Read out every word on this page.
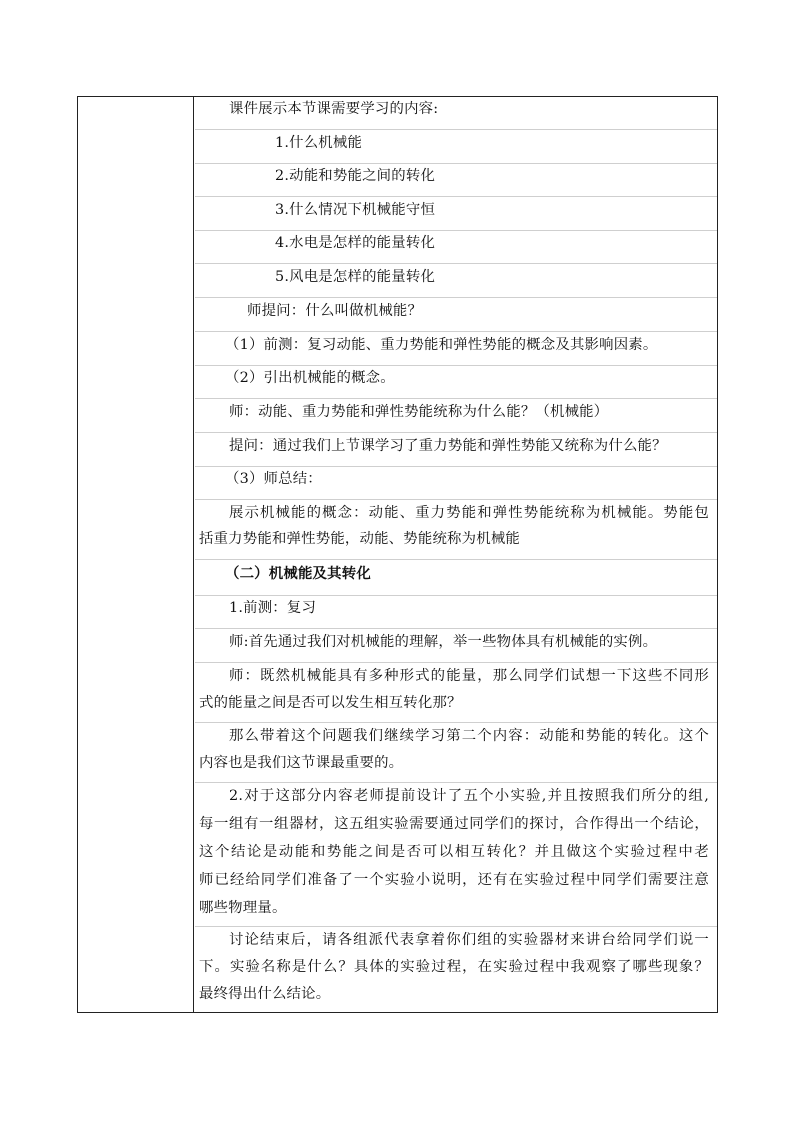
课件展示本节课需要学习的内容:
1.什么机械能
2.动能和势能之间的转化
3.什么情况下机械能守恒
4.水电是怎样的能量转化
5.风电是怎样的能量转化
师提问：什么叫做机械能？
（1）前测：复习动能、重力势能和弹性势能的概念及其影响因素。
（2）引出机械能的概念。
师：动能、重力势能和弹性势能统称为什么能？（机械能）
提问：通过我们上节课学习了重力势能和弹性势能又统称为什么能？
（3）师总结：
展示机械能的概念：动能、重力势能和弹性势能统称为机械能。势能包
括重力势能和弹性势能，动能、势能统称为机械能
（二）机械能及其转化
1.前测：复习
师:首先通过我们对机械能的理解，举一些物体具有机械能的实例。
师：既然机械能具有多种形式的能量，那么同学们试想一下这些不同形
式的能量之间是否可以发生相互转化那？
那么带着这个问题我们继续学习第二个内容：动能和势能的转化。这个
内容也是我们这节课最重要的。
2.对于这部分内容老师提前设计了五个小实验,并且按照我们所分的组,
每一组有一组器材，这五组实验需要通过同学们的探讨，合作得出一个结论，
这个结论是动能和势能之间是否可以相互转化？并且做这个实验过程中老
师已经给同学们准备了一个实验小说明，还有在实验过程中同学们需要注意
哪些物理量。
讨论结束后，请各组派代表拿着你们组的实验器材来讲台给同学们说一
下。实验名称是什么？具体的实验过程，在实验过程中我观察了哪些现象？
最终得出什么结论。
